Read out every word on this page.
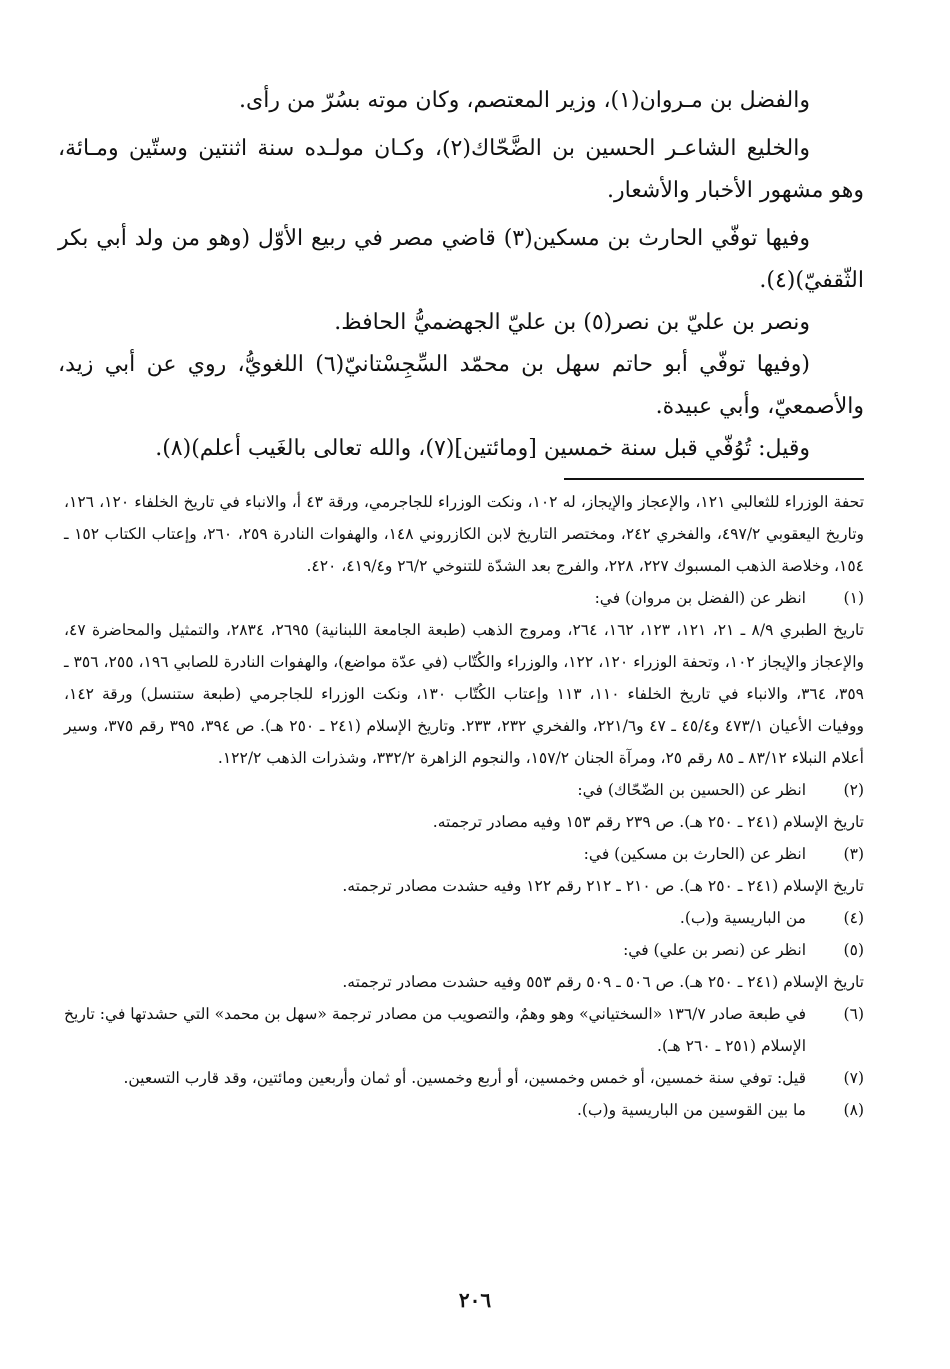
والفضل بن مـروان(١)، وزير المعتصم، وكان موته بسُرّ من رأى.

والخليع الشاعـر الحسين بن الضَّحّاك(٢)، وكـان مولـده سنة اثنتين وستّين ومـائة، وهو مشهور الأخبار والأشعار.

وفيها توفّي الحارث بن مسكين(٣) قاضي مصر في ربيع الأوّل (وهو من ولد أبي بكر الثّقفيّ)(٤).

ونصر بن عليّ بن نصر(٥) بن عليّ الجهضميُّ الحافظ.

(وفيها توفّي أبو حاتم سهل بن محمّد السِّجِسْتانيّ(٦) اللغويُّ، روي عن أبي زيد، والأصمعيّ، وأبي عبيدة.

وقيل: تُوُفّي قبل سنة خمسين [ومائتين](٧)، والله تعالى بالغَيب أعلم)(٨).

تحفة الوزراء للثعالبي ١٢١، والإعجاز والإيجاز، له ١٠٢، ونكت الوزراء للجاجرمي، ورقة ٤٣ أ، والانباء في تاريخ الخلفاء ١٢٠، ١٢٦، وتاريخ اليعقوبي ٤٩٧/٢، والفخري ٢٤٢، ومختصر التاريخ لابن الكازروني ١٤٨، والهفوات النادرة ٢٥٩، ٢٦٠، وإعتاب الكتاب ١٥٢ ـ ١٥٤، وخلاصة الذهب المسبوك ٢٢٧، ٢٢٨، والفرج بعد الشدّة للتنوخي ٢٦/٢ و٤١٩/٤، ٤٢٠.

(١)

انظر عن (الفضل بن مروان) في:

تاريخ الطبري ٨/٩ ـ ٢١، ١٢١، ١٢٣، ١٦٢، ٢٦٤، ومروج الذهب (طبعة الجامعة اللبنانية) ٢٦٩٥، ٢٨٣٤، والتمثيل والمحاضرة ٤٧، والإعجاز والإيجاز ١٠٢، وتحفة الوزراء ١٢٠، ١٢٢، والوزراء والكُتّاب (في عدّة مواضع)، والهفوات النادرة للصابي ١٩٦، ٢٥٥، ٣٥٦ ـ ٣٥٩، ٣٦٤، والانباء في تاريخ الخلفاء ١١٠، ١١٣ وإعتاب الكُتّاب ١٣٠، ونكت الوزراء للجاجرمي (طبعة ستنسل) ورقة ١٤٢، ووفيات الأعيان ٤٧٣/١ و٤٥/٤ ـ ٤٧ و٢٢١/٦، والفخري ٢٣٢، ٢٣٣. وتاريخ الإسلام (٢٤١ ـ ٢٥٠ هـ). ص ٣٩٤، ٣٩٥ رقم ٣٧٥، وسير أعلام النبلاء ٨٣/١٢ ـ ٨٥ رقم ٢٥، ومرآة الجنان ١٥٧/٢، والنجوم الزاهرة ٣٣٢/٢، وشذرات الذهب ١٢٢/٢.

(٢)

انظر عن (الحسين بن الضّحّاك) في:

تاريخ الإسلام (٢٤١ ـ ٢٥٠ هـ). ص ٢٣٩ رقم ١٥٣ وفيه مصادر ترجمته.

(٣)

انظر عن (الحارث بن مسكين) في:

تاريخ الإسلام (٢٤١ ـ ٢٥٠ هـ). ص ٢١٠ ـ ٢١٢ رقم ١٢٢ وفيه حشدت مصادر ترجمته.

(٤)

من الباريسية و(ب).

(٥)

انظر عن (نصر بن علي) في:

تاريخ الإسلام (٢٤١ ـ ٢٥٠ هـ). ص ٥٠٦ ـ ٥٠٩ رقم ٥٥٣ وفيه حشدت مصادر ترجمته.

(٦)

في طبعة صادر ١٣٦/٧ «السختياني» وهو وهمٌ، والتصويب من مصادر ترجمة «سهل بن محمد» التي حشدتها في: تاريخ الإسلام (٢٥١ ـ ٢٦٠ هـ).

(٧)

قيل: توفي سنة خمسين، أو خمس وخمسين، أو أربع وخمسين. أو ثمان وأربعين ومائتين، وقد قارب التسعين.

(٨)

ما بين القوسين من الباريسية و(ب).

٢٠٦
